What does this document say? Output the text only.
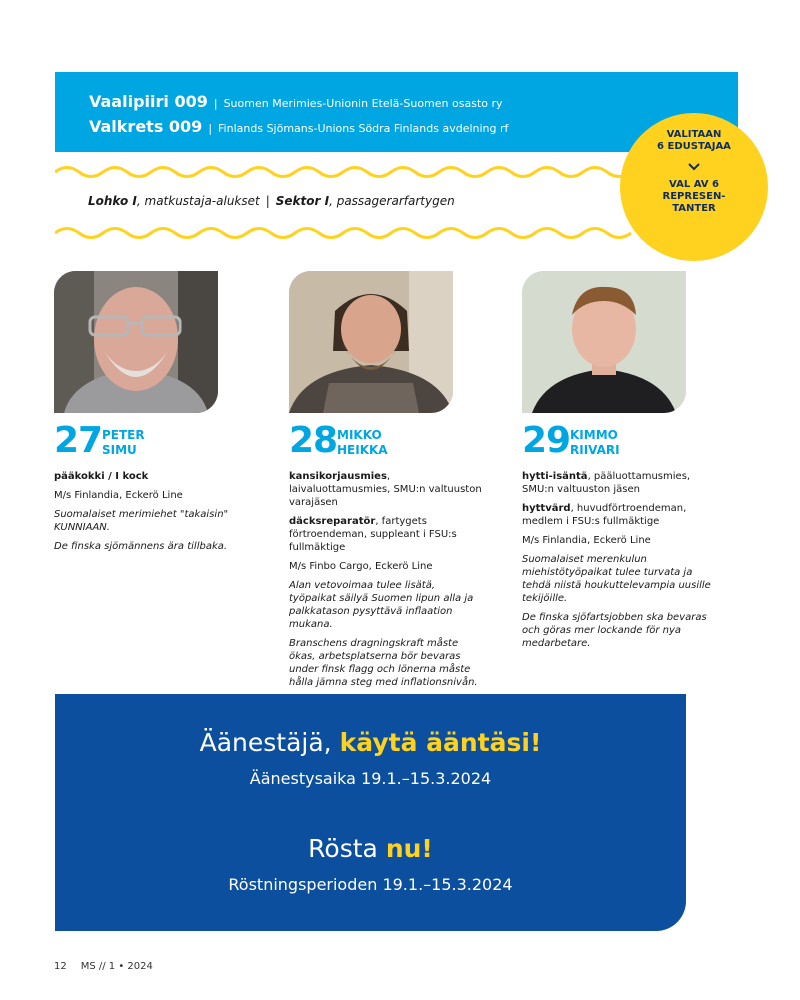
Vaalipiiri 009 | Suomen Merimies-Unionin Etelä-Suomen osasto ry
Valkrets 009 | Finlands Sjömans-Unions Södra Finlands avdelning rf
Lohko I, matkustaja-alukset | Sektor I, passagerarfartygen
VALITAAN
6 EDUSTAJAA
VAL AV 6
REPRESEN-
TANTER
27 PETER
SIMU

pääkokki / I kock

M/s Finlandia, Eckerö Line

Suomalaiset merimiehet "takaisin" KUNNIAAN.

De finska sjömännens ära tillbaka.

28 MIKKO
HEIKKA

kansikorjausmies, laivaluottamusmies, SMU:n valtuuston varajäsen

däcksreparatör, fartygets förtroendeman, suppleant i FSU:s fullmäktige

M/s Finbo Cargo, Eckerö Line

Alan vetovoimaa tulee lisätä, työpaikat säilyä Suomen lipun alla ja palkkatason pysyttävä inflaation mukana.

Branschens dragningskraft måste ökas, arbetsplatserna bör bevaras under finsk flagg och lönerna måste hålla jämna steg med inflationsnivån.

29 KIMMO
RIIVARI

hytti-isäntä, pääluottamusmies, SMU:n valtuuston jäsen

hyttvärd, huvudförtroendeman, medlem i FSU:s fullmäktige

M/s Finlandia, Eckerö Line

Suomalaiset merenkulun miehistötyöpaikat tulee turvata ja tehdä niistä houkuttelevampia uusille tekijöille.

De finska sjöfartsjobben ska bevaras och göras mer lockande för nya medarbetare.

Äänestäjä, käytä ääntäsi!
Äänestysaika 19.1.–15.3.2024
Rösta nu!
Röstningsperioden 19.1.–15.3.2024
12 MS // 1 • 2024
